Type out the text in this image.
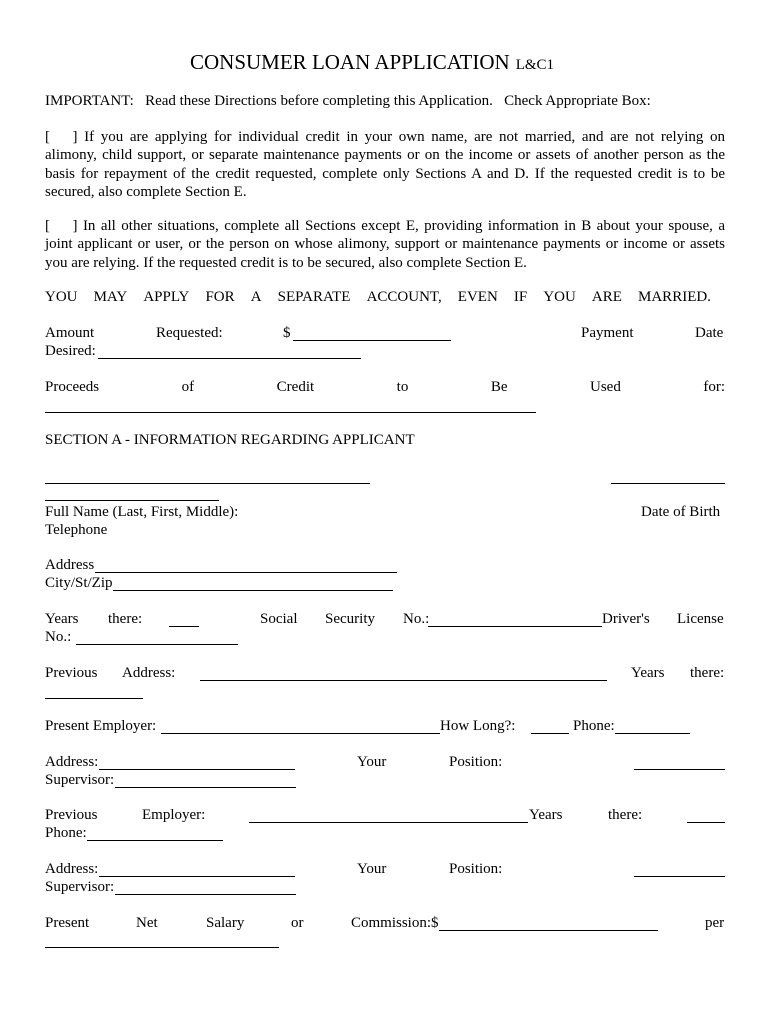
CONSUMER LOAN APPLICATION L&C1
IMPORTANT:   Read these Directions before completing this Application.   Check Appropriate Box:
[      ] If you are applying for individual credit in your own name, are not married, and are not relying on alimony, child support, or separate maintenance payments or on the income or assets of another person as the basis for repayment of the credit requested, complete only Sections A and D. If the requested credit is to be secured, also complete Section E.
[      ] In all other situations, complete all Sections except E, providing information in B about your spouse, a joint applicant or user, or the person on whose alimony, support or maintenance payments or income or assets you are relying. If the requested credit is to be secured, also complete Section E.
YOU MAY APPLY FOR A SEPARATE ACCOUNT, EVEN IF YOU ARE MARRIED.
Amount	Requested:	$	Payment	Date
Desired:
Proceeds	of	Credit	to	Be	Used	for:
SECTION A - INFORMATION REGARDING APPLICANT
Full Name (Last, First, Middle):	Date of Birth
Telephone
Address
City/St/Zip
Years there:	Social Security No.:	Driver's License
No.:
Previous Address:	Years there:
Present Employer:	How Long?:	Phone:
Address:	Your	Position:
Supervisor:
Previous	Employer:	Years	there:
Phone:
Address:	Your	Position:
Supervisor:
Present	Net	Salary	or	Commission:$	per
